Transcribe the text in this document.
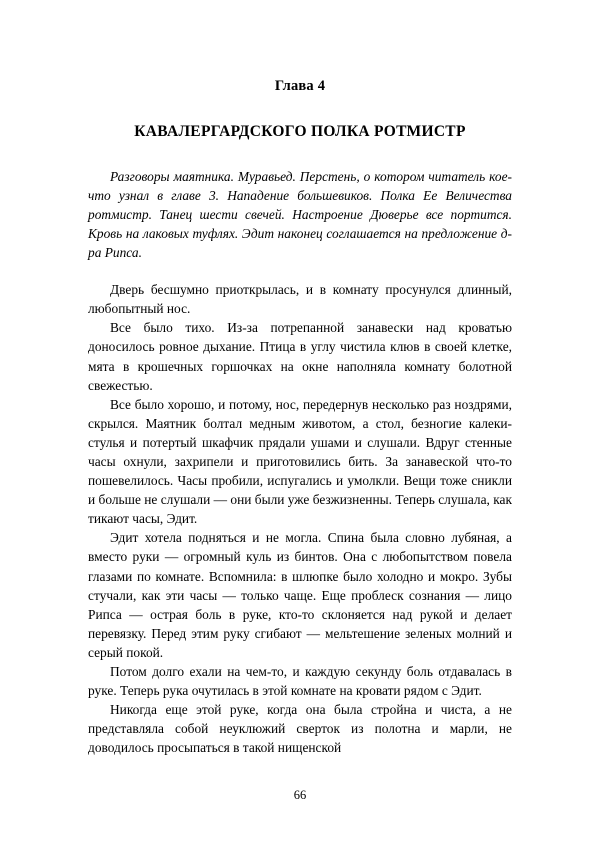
Глава 4
КАВАЛЕРГАРДСКОГО ПОЛКА РОТМИСТР

Разговоры маятника. Муравьед. Перстень, о котором читатель кое-что узнал в главе 3. Нападение большевиков. Полка Ее Величества ротмистр. Танец шести свечей. Настроение Дюверье все портится. Кровь на лаковых туфлях. Эдит наконец соглашается на предложение д-ра Рипса.

Дверь бесшумно приоткрылась, и в комнату просунулся длинный, любопытный нос.

Все было тихо. Из-за потрепанной занавески над кроватью доносилось ровное дыхание. Птица в углу чистила клюв в своей клетке, мята в крошечных горшочках на окне наполняла комнату болотной свежестью.

Все было хорошо, и потому, нос, передернув несколько раз ноздрями, скрылся. Маятник болтал медным животом, а стол, безногие калеки-стулья и потертый шкафчик прядали ушами и слушали. Вдруг стенные часы охнули, захрипели и приготовились бить. За занавеской что-то пошевелилось. Часы пробили, испугались и умолкли. Вещи тоже сникли и больше не слушали — они были уже безжизненны. Теперь слушала, как тикают часы, Эдит.

Эдит хотела подняться и не могла. Спина была словно лубяная, а вместо руки — огромный куль из бинтов. Она с любопытством повела глазами по комнате. Вспомнила: в шлюпке было холодно и мокро. Зубы стучали, как эти часы — только чаще. Еще проблеск сознания — лицо Рипса — острая боль в руке, кто-то склоняется над рукой и делает перевязку. Перед этим руку сгибают — мельтешение зеленых молний и серый покой.

Потом долго ехали на чем-то, и каждую секунду боль отдавалась в руке. Теперь рука очутилась в этой комнате на кровати рядом с Эдит.

Никогда еще этой руке, когда она была стройна и чиста, а не представляла собой неуклюжий сверток из полотна и марли, не доводилось просыпаться в такой нищенской

66
